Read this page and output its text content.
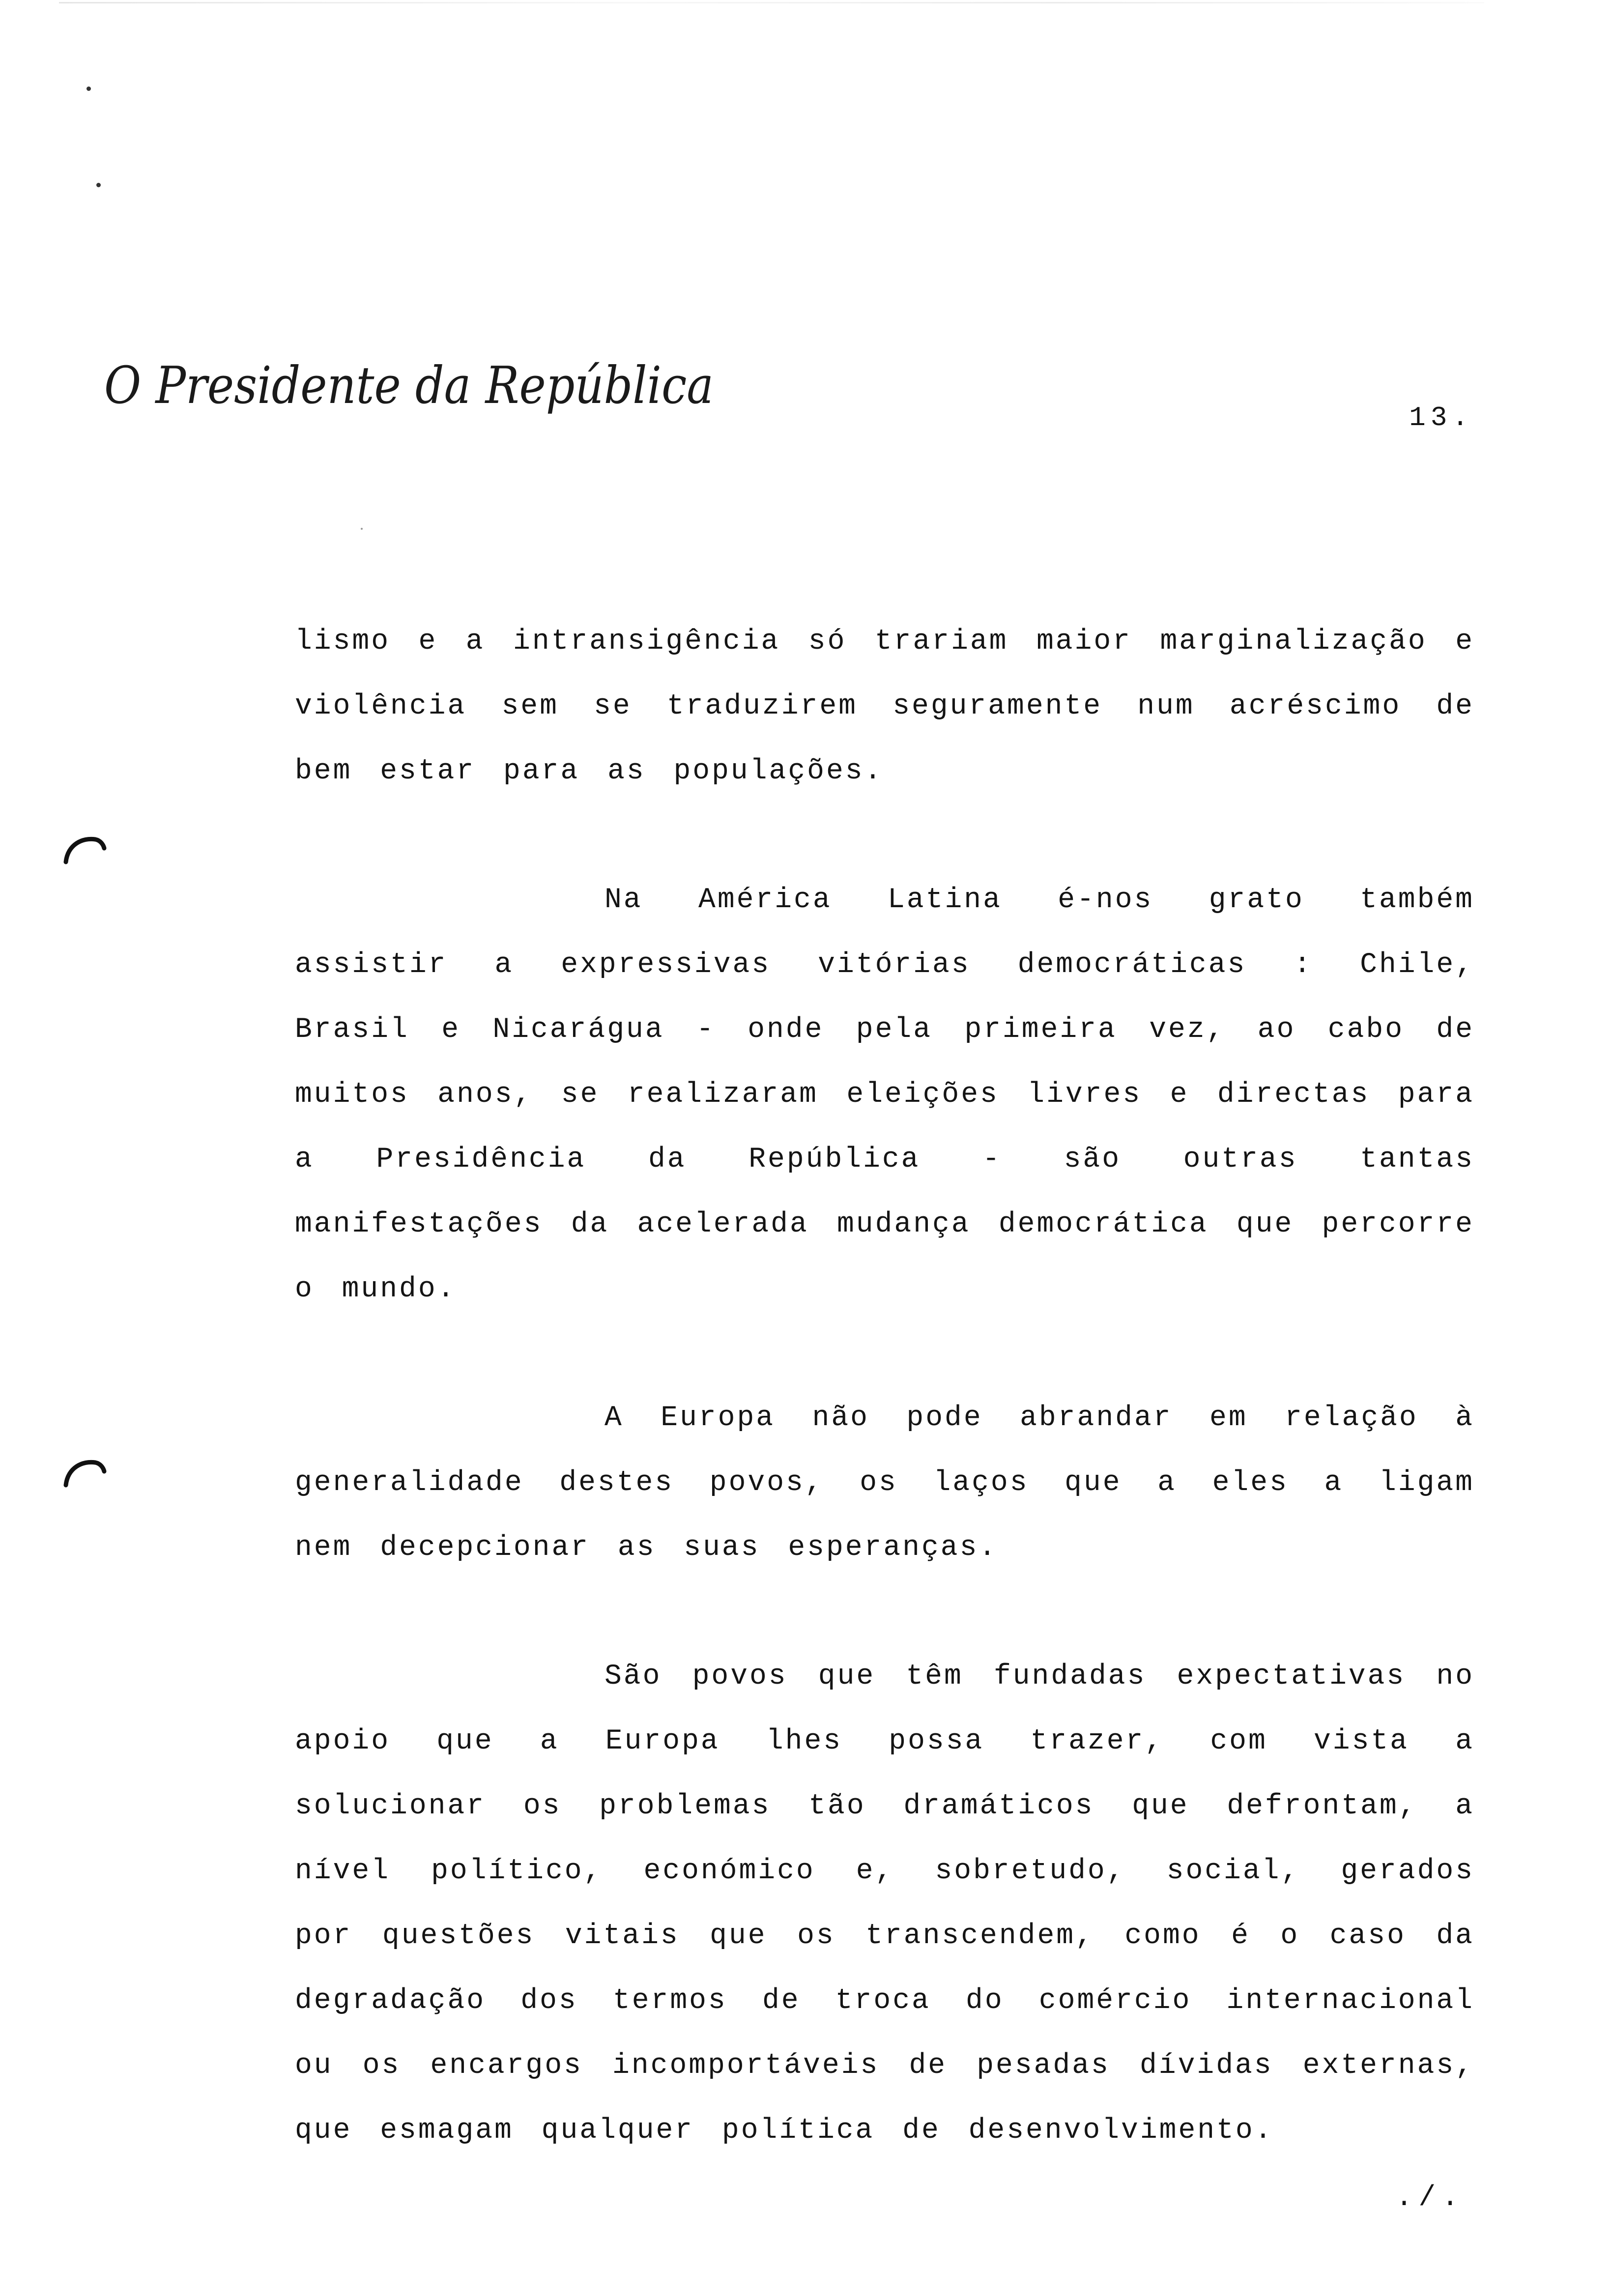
O Presidente da República
13.

lismo e a intransigência só trariam maior marginalização e violência sem se traduzirem seguramente num acréscimo de bem estar para as populações.

Na América Latina é-nos grato também assistir a expressivas vitórias democráticas : Chile, Brasil e Nicarágua - onde pela primeira vez, ao cabo de muitos anos, se realizaram eleições livres e directas para a Presidência da República - são outras tantas manifestações da acelerada mudança democrática que percorre o mundo.

A Europa não pode abrandar em relação à generalidade destes povos, os laços que a eles a ligam nem decepcionar as suas esperanças.

São povos que têm fundadas expectativas no apoio que a Europa lhes possa trazer, com vista a solucionar os problemas tão dramáticos que defrontam, a nível político, económico e, sobretudo, social, gerados por questões vitais que os transcendem, como é o caso da degradação dos termos de troca do comércio internacional ou os encargos incomportáveis de pesadas dívidas externas, que esmagam qualquer política de desenvolvimento.

./.
